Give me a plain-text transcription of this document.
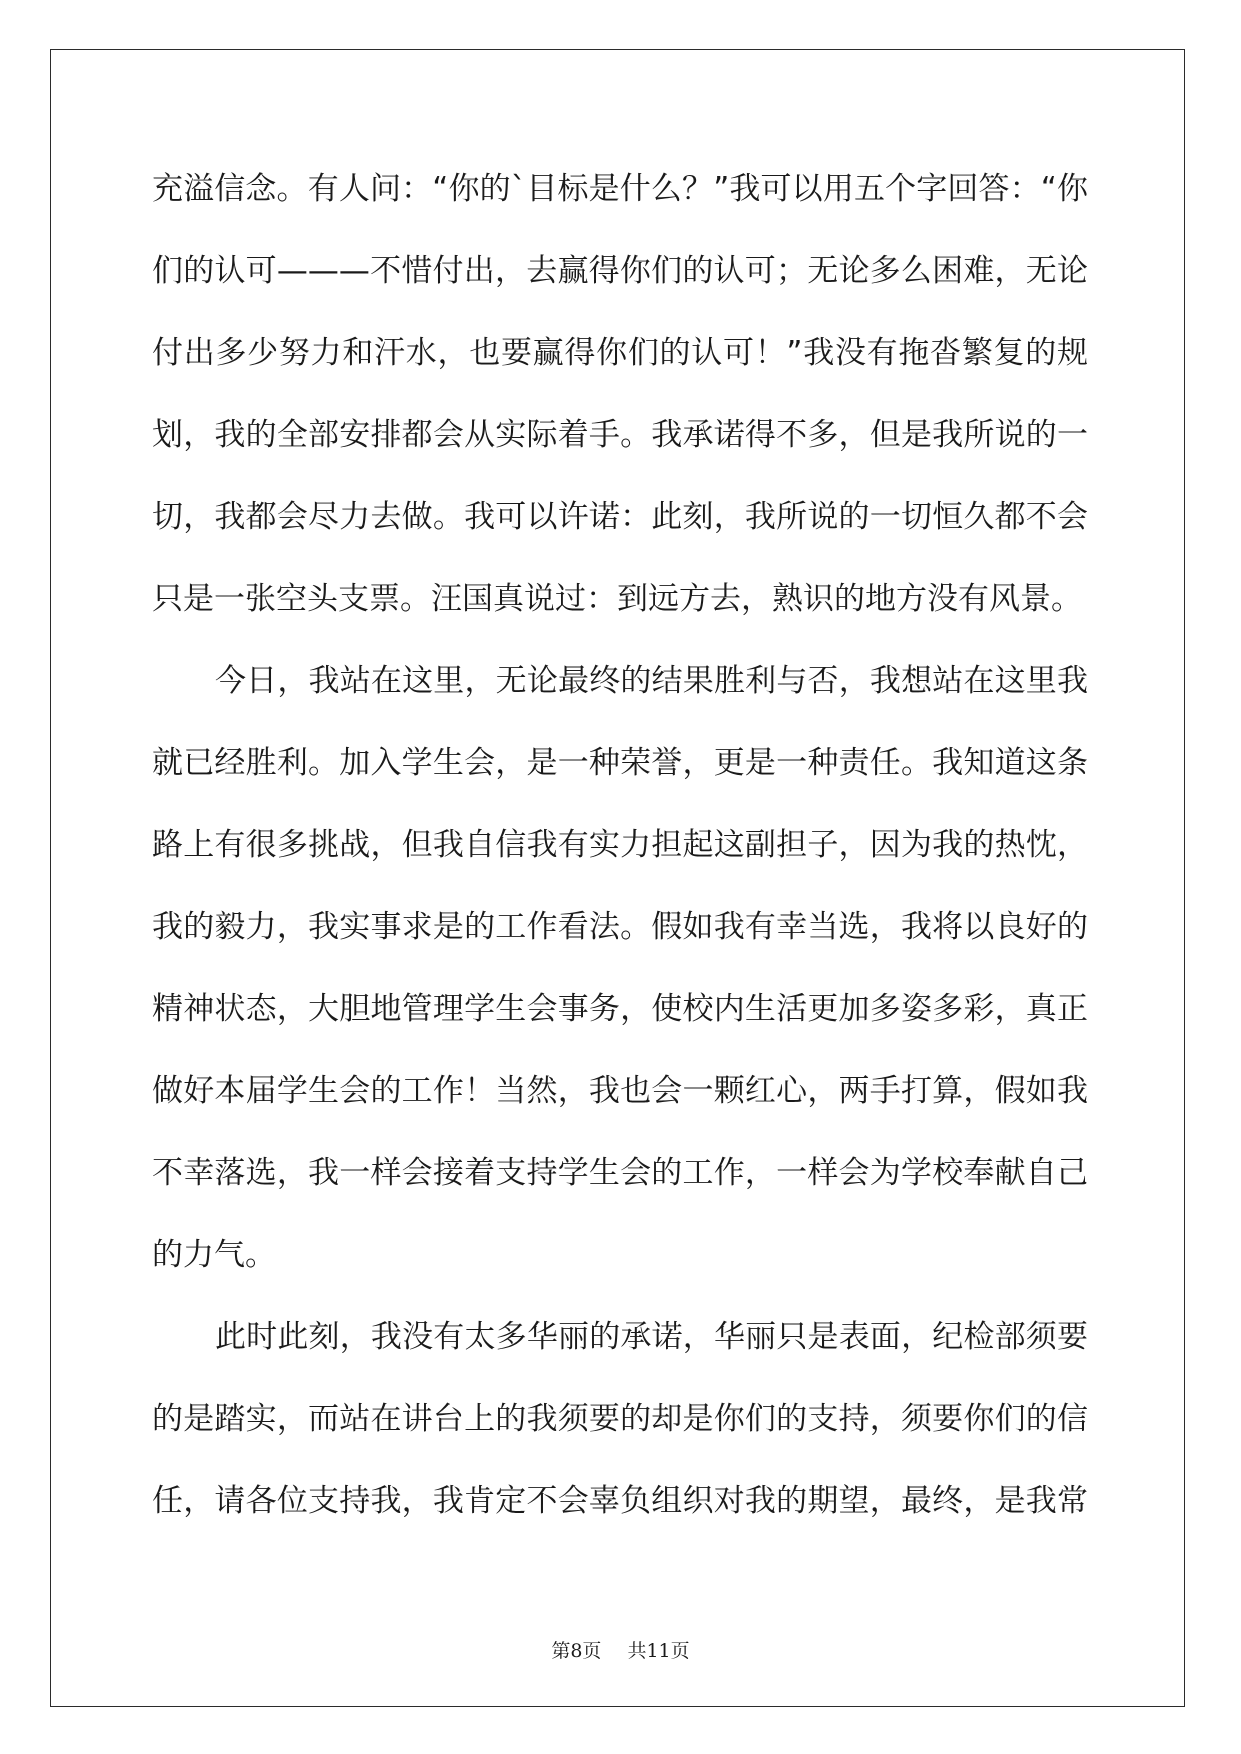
充溢信念。有人问：“你的`目标是什么？”我可以用五个字回答：“你
们的认可———不惜付出，去赢得你们的认可；无论多么困难，无论
付出多少努力和汗水，也要赢得你们的认可！”我没有拖沓繁复的规
划，我的全部安排都会从实际着手。我承诺得不多，但是我所说的一
切，我都会尽力去做。我可以许诺：此刻，我所说的一切恒久都不会
只是一张空头支票。汪国真说过：到远方去，熟识的地方没有风景。
今日，我站在这里，无论最终的结果胜利与否，我想站在这里我
就已经胜利。加入学生会，是一种荣誉，更是一种责任。我知道这条
路上有很多挑战，但我自信我有实力担起这副担子，因为我的热忱，
我的毅力，我实事求是的工作看法。假如我有幸当选，我将以良好的
精神状态，大胆地管理学生会事务，使校内生活更加多姿多彩，真正
做好本届学生会的工作！当然，我也会一颗红心，两手打算，假如我
不幸落选，我一样会接着支持学生会的工作，一样会为学校奉献自己
的力气。
此时此刻，我没有太多华丽的承诺，华丽只是表面，纪检部须要
的是踏实，而站在讲台上的我须要的却是你们的支持，须要你们的信
任，请各位支持我，我肯定不会辜负组织对我的期望，最终，是我常
第8页 共11页
